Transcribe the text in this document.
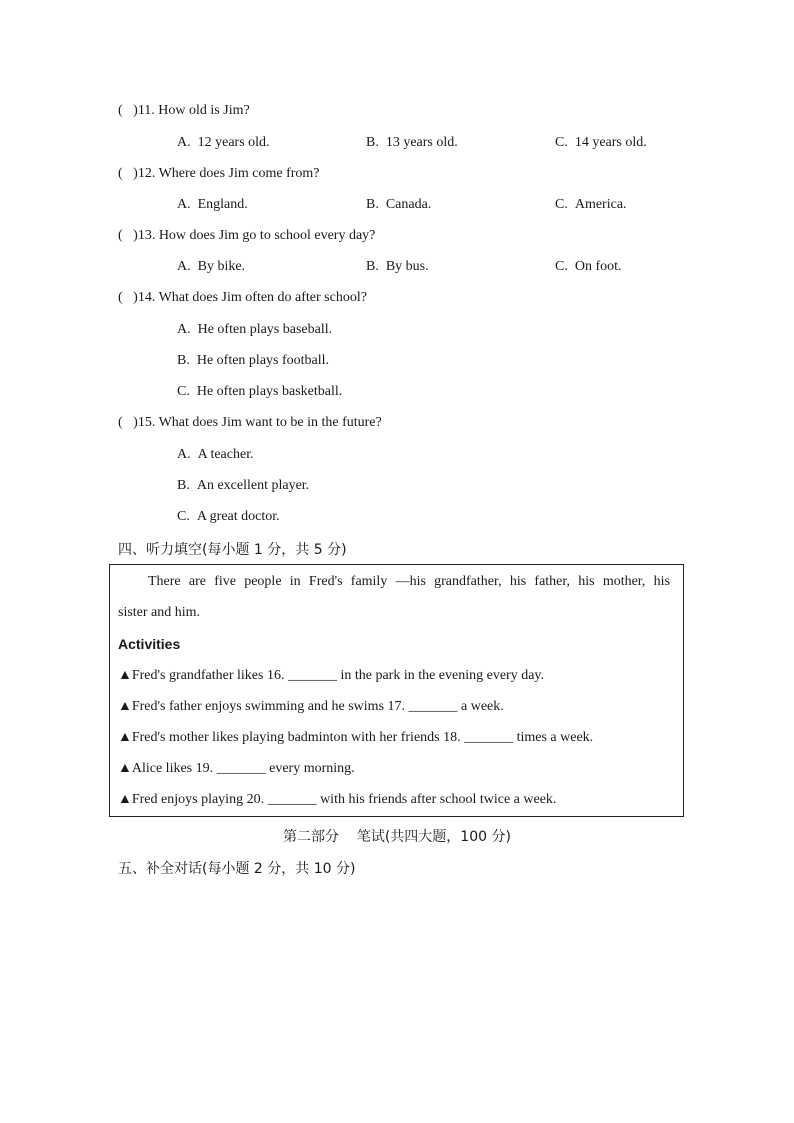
(   )11. How old is Jim?
A.  12 years old.	B.  13 years old.	C.  14 years old.
(   )12. Where does Jim come from?
A.  England.	B.  Canada.	C.  America.
(   )13. How does Jim go to school every day?
A.  By bike.	B.  By bus.	C.  On foot.
(   )14. What does Jim often do after school?
A.  He often plays baseball.
B.  He often plays football.
C.  He often plays basketball.
(   )15. What does Jim want to be in the future?
A.  A teacher.
B.  An excellent player.
C.  A great doctor.
四、听力填空(每小题 1 分，共 5 分)
There are five people in Fred's family —his grandfather, his father, his mother, his
sister and him.
Activities
▲Fred's grandfather likes 16. _______ in the park in the evening every day.
▲Fred's father enjoys swimming and he swims 17. _______ a week.
▲Fred's mother likes playing badminton with her friends 18. _______ times a week.
▲Alice likes 19. _______ every morning.
▲Fred enjoys playing 20. _______ with his friends after school twice a week.
第二部分    笔试(共四大题，100 分)
五、补全对话(每小题 2 分，共 10 分)
